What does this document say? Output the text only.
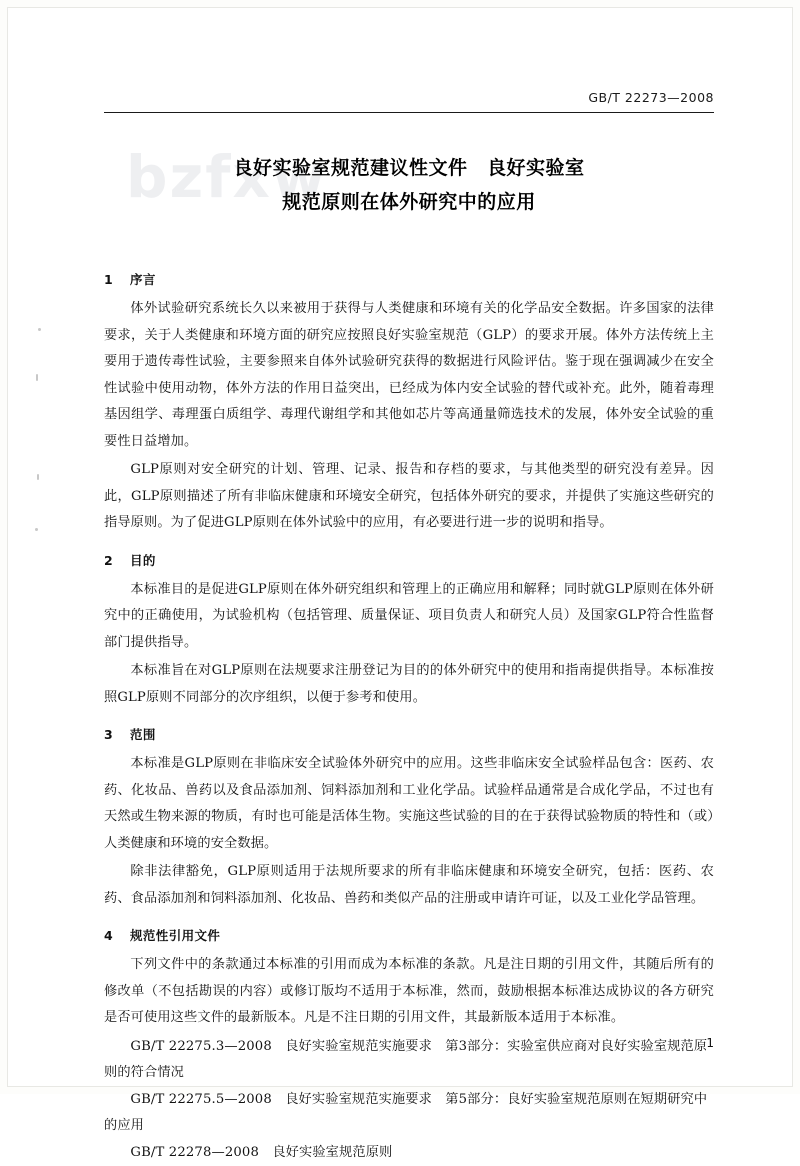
GB/T 22273—2008
bzfxw
良好实验室规范建议性文件　良好实验室
规范原则在体外研究中的应用
1 序言

体外试验研究系统长久以来被用于获得与人类健康和环境有关的化学品安全数据。许多国家的法律要求，关于人类健康和环境方面的研究应按照良好实验室规范（GLP）的要求开展。体外方法传统上主要用于遗传毒性试验，主要参照来自体外试验研究获得的数据进行风险评估。鉴于现在强调减少在安全性试验中使用动物，体外方法的作用日益突出，已经成为体内安全试验的替代或补充。此外，随着毒理基因组学、毒理蛋白质组学、毒理代谢组学和其他如芯片等高通量筛选技术的发展，体外安全试验的重要性日益增加。

GLP原则对安全研究的计划、管理、记录、报告和存档的要求，与其他类型的研究没有差异。因此，GLP原则描述了所有非临床健康和环境安全研究，包括体外研究的要求，并提供了实施这些研究的指导原则。为了促进GLP原则在体外试验中的应用，有必要进行进一步的说明和指导。

2 目的

本标准目的是促进GLP原则在体外研究组织和管理上的正确应用和解释；同时就GLP原则在体外研究中的正确使用，为试验机构（包括管理、质量保证、项目负责人和研究人员）及国家GLP符合性监督部门提供指导。

本标准旨在对GLP原则在法规要求注册登记为目的的体外研究中的使用和指南提供指导。本标准按照GLP原则不同部分的次序组织，以便于参考和使用。

3 范围

本标准是GLP原则在非临床安全试验体外研究中的应用。这些非临床安全试验样品包含：医药、农药、化妆品、兽药以及食品添加剂、饲料添加剂和工业化学品。试验样品通常是合成化学品，不过也有天然或生物来源的物质，有时也可能是活体生物。实施这些试验的目的在于获得试验物质的特性和（或）人类健康和环境的安全数据。

除非法律豁免，GLP原则适用于法规所要求的所有非临床健康和环境安全研究，包括：医药、农药、食品添加剂和饲料添加剂、化妆品、兽药和类似产品的注册或申请许可证，以及工业化学品管理。

4 规范性引用文件

下列文件中的条款通过本标准的引用而成为本标准的条款。凡是注日期的引用文件，其随后所有的修改单（不包括勘误的内容）或修订版均不适用于本标准，然而，鼓励根据本标准达成协议的各方研究是否可使用这些文件的最新版本。凡是不注日期的引用文件，其最新版本适用于本标准。

GB/T 22275.3—2008　良好实验室规范实施要求　第3部分：实验室供应商对良好实验室规范原

则的符合情况

GB/T 22275.5—2008　良好实验室规范实施要求　第5部分：良好实验室规范原则在短期研究中

的应用

GB/T 22278—2008　良好实验室规范原则

1
